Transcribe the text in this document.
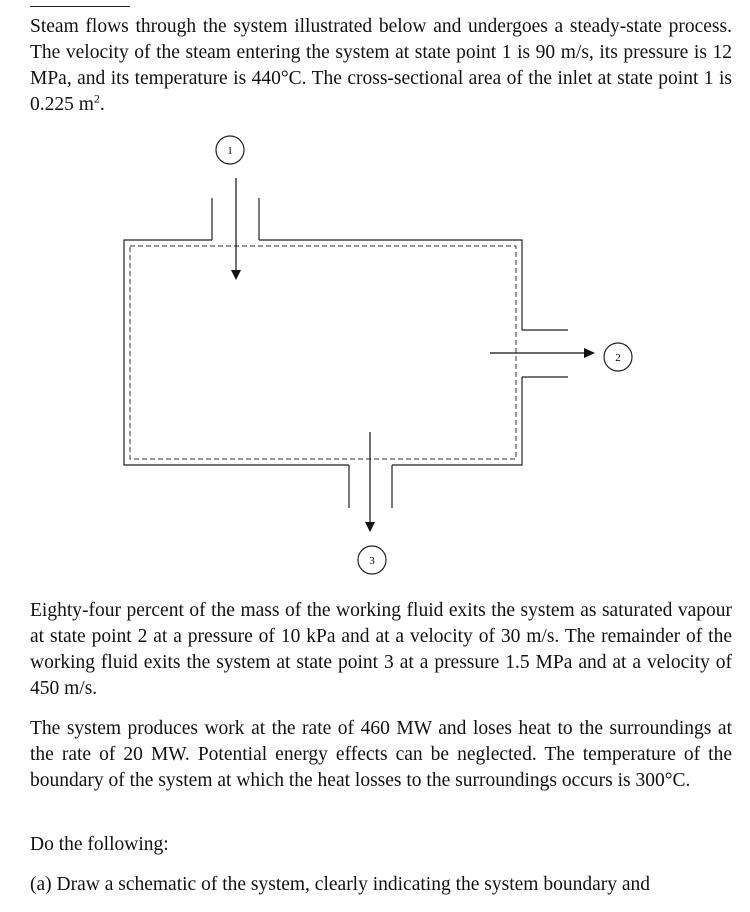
Steam flows through the system illustrated below and undergoes a steady-state process. The velocity of the steam entering the system at state point 1 is 90 m/s, its pressure is 12 MPa, and its temperature is 440°C. The cross-sectional area of the inlet at state point 1 is 0.225 $m^2$.

1
2
3

Eighty-four percent of the mass of the working fluid exits the system as saturated vapour at state point 2 at a pressure of 10 kPa and at a velocity of 30 m/s. The remainder of the working fluid exits the system at state point 3 at a pressure 1.5 MPa and at a velocity of 450 m/s.

The system produces work at the rate of 460 MW and loses heat to the surroundings at the rate of 20 MW. Potential energy effects can be neglected. The temperature of the boundary of the system at which the heat losses to the surroundings occurs is 300°C.

Do the following:

(a) Draw a schematic of the system, clearly indicating the system boundary and
